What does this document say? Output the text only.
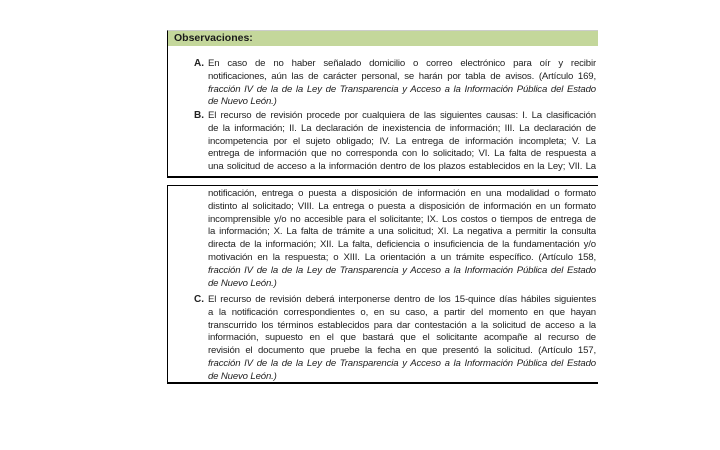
Observaciones:
A. En caso de no haber señalado domicilio o correo electrónico para oír y recibir
notificaciones, aún las de carácter personal, se harán por tabla de avisos. (Artículo 169,
fracción IV de la de la Ley de Transparencia y Acceso a la Información Pública del Estado
de Nuevo León.)
B. El recurso de revisión procede por cualquiera de las siguientes causas: I. La clasificación
de la información; II. La declaración de inexistencia de información; III. La declaración de
incompetencia por el sujeto obligado; IV. La entrega de información incompleta; V. La
entrega de información que no corresponda con lo solicitado; VI. La falta de respuesta a
una solicitud de acceso a la información dentro de los plazos establecidos en la Ley; VII. La
notificación, entrega o puesta a disposición de información en una modalidad o formato
distinto al solicitado; VIII. La entrega o puesta a disposición de información en un formato
incomprensible y/o no accesible para el solicitante; IX. Los costos o tiempos de entrega de
la información; X. La falta de trámite a una solicitud; XI. La negativa a permitir la consulta
directa de la información; XII. La falta, deficiencia o insuficiencia de la fundamentación y/o
motivación en la respuesta; o XIII. La orientación a un trámite específico. (Artículo 158,
fracción IV de la de la Ley de Transparencia y Acceso a la Información Pública del Estado
de Nuevo León.)
C. El recurso de revisión deberá interponerse dentro de los 15-quince días hábiles siguientes
a la notificación correspondientes o, en su caso, a partir del momento en que hayan
transcurrido los términos establecidos para dar contestación a la solicitud de acceso a la
información, supuesto en el que bastará que el solicitante acompañe al recurso de
revisión el documento que pruebe la fecha en que presentó la solicitud. (Artículo 157,
fracción IV de la de la Ley de Transparencia y Acceso a la Información Pública del Estado
de Nuevo León.)
